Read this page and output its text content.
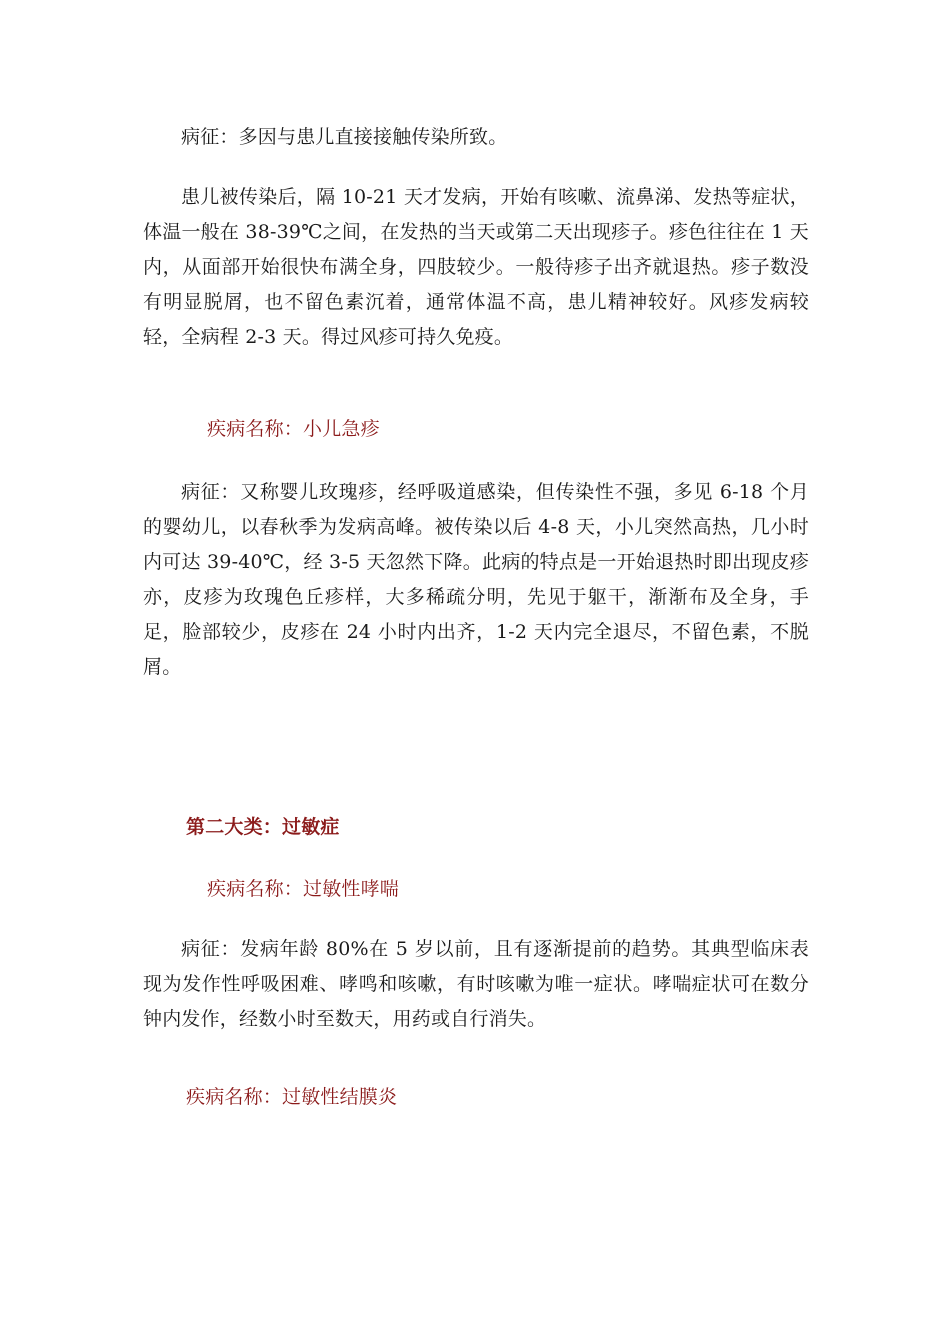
病征：多因与患儿直接接触传染所致。

患儿被传染后，隔 10-21 天才发病，开始有咳嗽、流鼻涕、发热等症状，体温一般在 38-39℃之间，在发热的当天或第二天出现疹子。疹色往往在 1 天内，从面部开始很快布满全身，四肢较少。一般待疹子出齐就退热。疹子数没有明显脱屑，也不留色素沉着，通常体温不高，患儿精神较好。风疹发病较轻，全病程 2-3 天。得过风疹可持久免疫。

疾病名称：小儿急疹

病征：又称婴儿玫瑰疹，经呼吸道感染，但传染性不强，多见 6-18 个月的婴幼儿，以春秋季为发病高峰。被传染以后 4-8 天，小儿突然高热，几小时内可达 39-40℃，经 3-5 天忽然下降。此病的特点是一开始退热时即出现皮疹亦，皮疹为玫瑰色丘疹样，大多稀疏分明，先见于躯干，渐渐布及全身，手足，脸部较少，皮疹在 24 小时内出齐，1-2 天内完全退尽，不留色素，不脱屑。

第二大类：过敏症

疾病名称：过敏性哮喘

病征：发病年龄 80%在 5 岁以前，且有逐渐提前的趋势。其典型临床表现为发作性呼吸困难、哮鸣和咳嗽，有时咳嗽为唯一症状。哮喘症状可在数分钟内发作，经数小时至数天，用药或自行消失。

疾病名称：过敏性结膜炎
